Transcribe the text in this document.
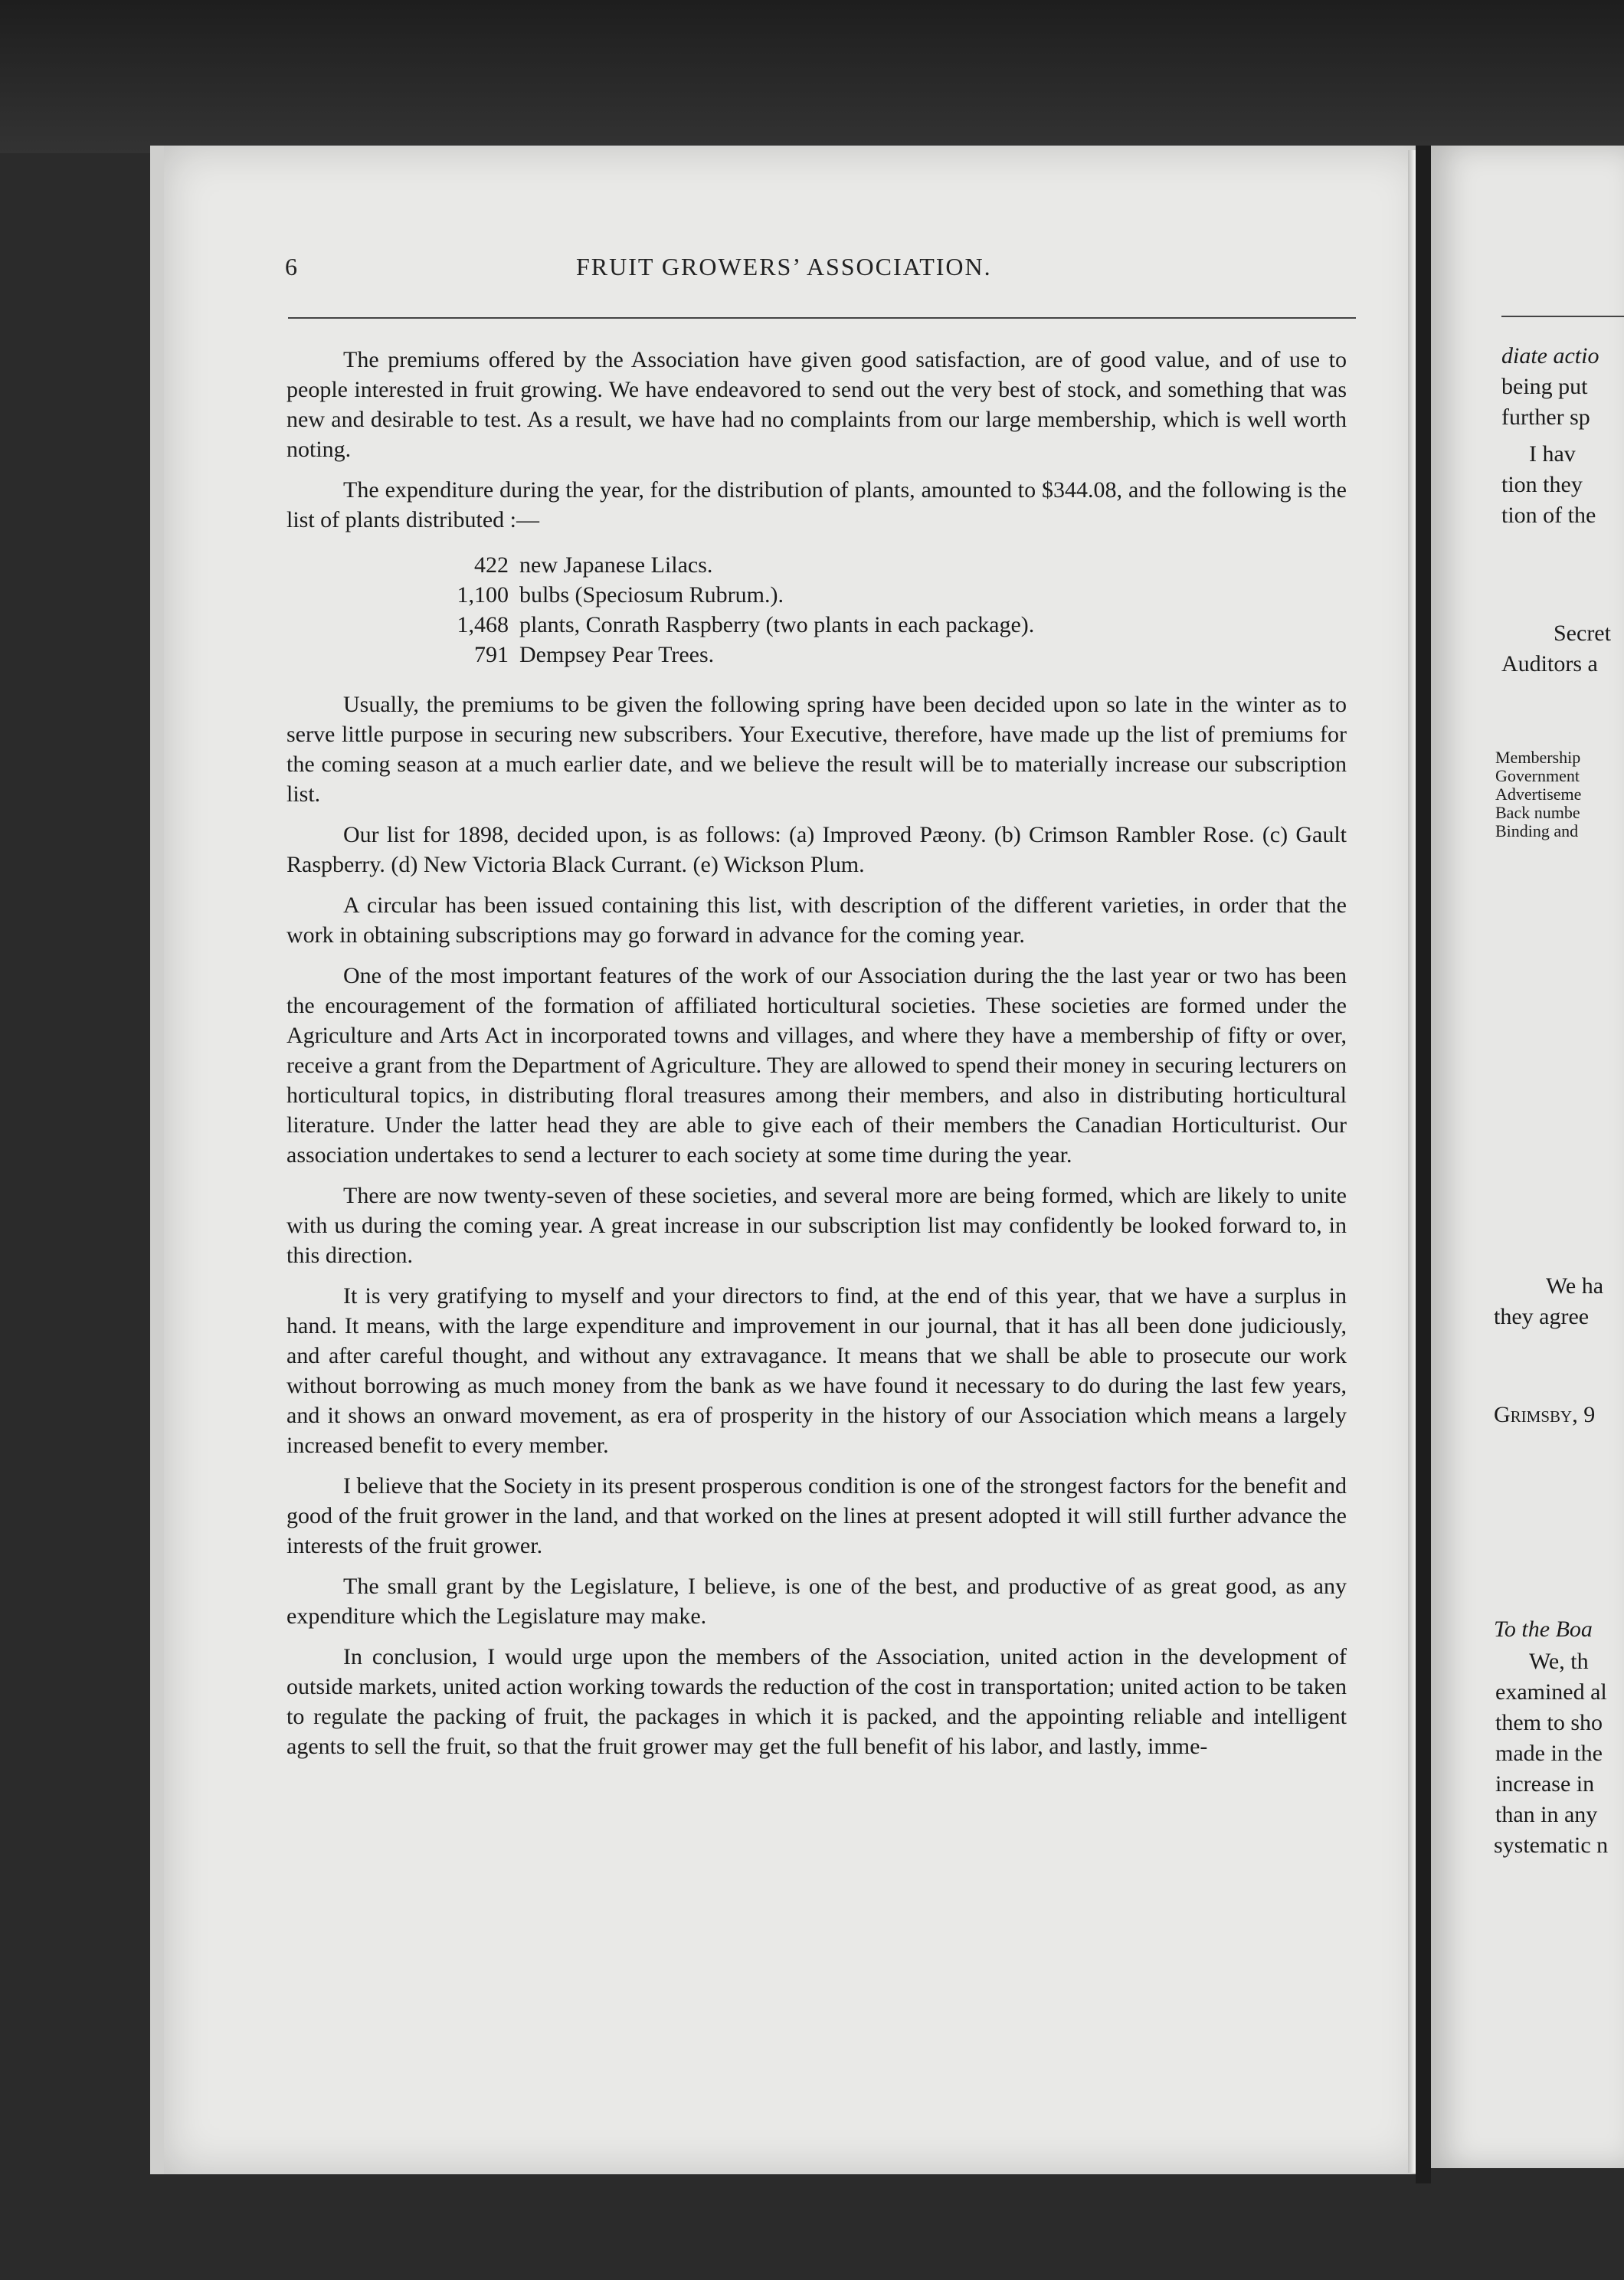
6	FRUIT GROWERS’ ASSOCIATION.

The premiums offered by the Association have given good satisfaction, are of good value, and of use to people interested in fruit growing. We have endeavored to send out the very best of stock, and something that was new and desirable to test. As a result, we have had no complaints from our large membership, which is well worth noting.

The expenditure during the year, for the distribution of plants, amounted to $344.08, and the following is the list of plants distributed :—

422 new Japanese Lilacs.
1,100 bulbs (Speciosum Rubrum.).
1,468 plants, Conrath Raspberry (two plants in each package).
791 Dempsey Pear Trees.

Usually, the premiums to be given the following spring have been decided upon so late in the winter as to serve little purpose in securing new subscribers. Your Executive, therefore, have made up the list of premiums for the coming season at a much earlier date, and we believe the result will be to materially increase our subscription list.

Our list for 1898, decided upon, is as follows: (a) Improved Pæony. (b) Crimson Rambler Rose. (c) Gault Raspberry. (d) New Victoria Black Currant. (e) Wickson Plum.

A circular has been issued containing this list, with description of the different varieties, in order that the work in obtaining subscriptions may go forward in advance for the coming year.

One of the most important features of the work of our Association during the the last year or two has been the encouragement of the formation of affiliated horticultural societies. These societies are formed under the Agriculture and Arts Act in incorporated towns and villages, and where they have a membership of fifty or over, receive a grant from the Department of Agriculture. They are allowed to spend their money in securing lecturers on horticultural topics, in distributing floral treasures among their members, and also in distributing horticultural literature. Under the latter head they are able to give each of their members the Canadian Horticulturist. Our association undertakes to send a lecturer to each society at some time during the year.

There are now twenty-seven of these societies, and several more are being formed, which are likely to unite with us during the coming year. A great increase in our subscription list may confidently be looked forward to, in this direction.

It is very gratifying to myself and your directors to find, at the end of this year, that we have a surplus in hand. It means, with the large expenditure and improvement in our journal, that it has all been done judiciously, and after careful thought, and without any extravagance. It means that we shall be able to prosecute our work without borrowing as much money from the bank as we have found it necessary to do during the last few years, and it shows an onward movement, as era of prosperity in the history of our Association which means a largely increased benefit to every member.

I believe that the Society in its present prosperous condition is one of the strongest factors for the benefit and good of the fruit grower in the land, and that worked on the lines at present adopted it will still further advance the interests of the fruit grower.

The small grant by the Legislature, I believe, is one of the best, and productive of as great good, as any expenditure which the Legislature may make.

In conclusion, I would urge upon the members of the Association, united action in the development of outside markets, united action working towards the reduction of the cost in transportation; united action to be taken to regulate the packing of fruit, the packages in which it is packed, and the appointing reliable and intelligent agents to sell the fruit, so that the fruit grower may get the full benefit of his labor, and lastly, imme-

diate actio
being put
further sp
I hav
tion they
tion of the
Secret
Auditors a
Membership
Government
Advertiseme
Back numbe
Binding and
We ha
they agree
Grimsby, 9
To the Boa
We, th
examined al
them to sho
made in the
increase in
than in any
systematic n
